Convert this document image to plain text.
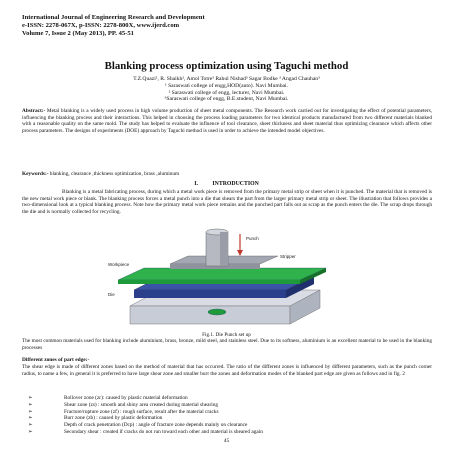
International Journal of Engineering Research and Development
e-ISSN: 2278-067X, p-ISSN: 2278-800X, www.ijerd.com
Volume 7, Issue 2 (May 2013), PP. 45-51
Blanking process optimization using Taguchi method
T.Z.Quazi¹, R. Shaikh², Amol Totre³ Rahul Nishad³ Sagar Bodke ³ Angad Chauhan³
¹ Saraswati college of engg,HOD(auto). Navi Mumbai.
² Saraswati college of engg, lecturer, Navi Mumbai.
³Saraswati college of engg, B.E.student, Navi Mumbai.
Abstract:- Metal blanking is a widely used process in high volume production of sheet metal components. The Research work carried out for investigating the effect of potential parameters, influencing the blanking process and their interactions. This helped in choosing the process loading parameters for two identical products manufactured from two different materials blanked with a reasonable quality on the same mold. The study has helped to evaluate the influence of tool clearance, sheet thickness and sheet material thus optimizing clearance which affects other process parameters. The designs of experiments (DOE) approach by Taguchi method is used in order to achieve the intended model objectives.
Keywords:- blanking, clearance ,thickness optimization, brass ,aluminum
I.          INTRODUCTION
Blanking is a metal fabricating process, during which a metal work piece is removed from the primary metal strip or sheet when it is punched. The material that is removed is the new metal work piece or blank. The blanking process forces a metal punch into a die that shears the part from the larger primary metal strip or sheet. The illustration that follows provides a two-dimensional look at a typical blanking process. Note how the primary metal work piece remains and the punched part falls out as scrap as the punch enters the die. The scrap drops through the die and is normally collected for recycling.
Punch
Stripper
Workpiece
Die
Fig.1. Die Punch set up
The most common materials used for blanking include aluminium, brass, bronze, mild steel, and stainless steel. Due to its softness, aluminium is an excellent material to be used in the blanking processes
Different zones of part edge:-
The shear edge is made of different zones based on the method of material that has occurred. The ratio of the different zones is influenced by different parameters, such as the punch corner radius, to name a few, in general it is preferred to have large shear zone and smaller burr the zones and deformation modes of the blanked part edge are given as follows and in fig. 2
➢	Rollover zone (zr): caused by plastic material deformation
➢	Shear zone (zs) : smooth and shiny area created during material shearing
➢	Fracture/rupture zone (zf) : rough surface, result after the material cracks
➢	Burr zone (zb) : caused by plastic deformation
➢	Depth of crack penetration (Dcp) : angle of fracture zone depends mainly on clearance
➢	Secondary shear : created if cracks do not run toward each other and material is sheared again
45
